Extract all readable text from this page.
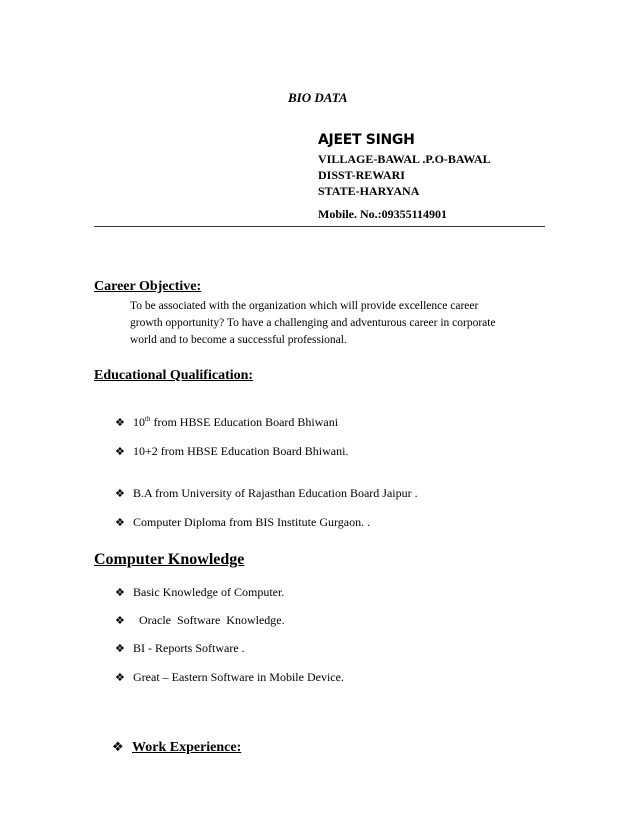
BIO DATA
AJEET SINGH
VILLAGE-BAWAL .P.O-BAWAL
DISST-REWARI
STATE-HARYANA
Mobile. No.:09355114901
Career Objective:
To be associated with the organization which will provide excellence career
growth opportunity? To have a challenging and adventurous career in corporate
world and to become a successful professional.
Educational Qualification:
❖ 10th from HBSE Education Board Bhiwani
❖ 10+2 from HBSE Education Board Bhiwani.
❖ B.A from University of Rajasthan Education Board Jaipur .
❖ Computer Diploma from BIS Institute Gurgaon. .
Computer Knowledge
❖ Basic Knowledge of Computer.
❖  Oracle  Software  Knowledge.
❖ BI - Reports Software .
❖ Great – Eastern Software in Mobile Device.
❖ Work Experience:
